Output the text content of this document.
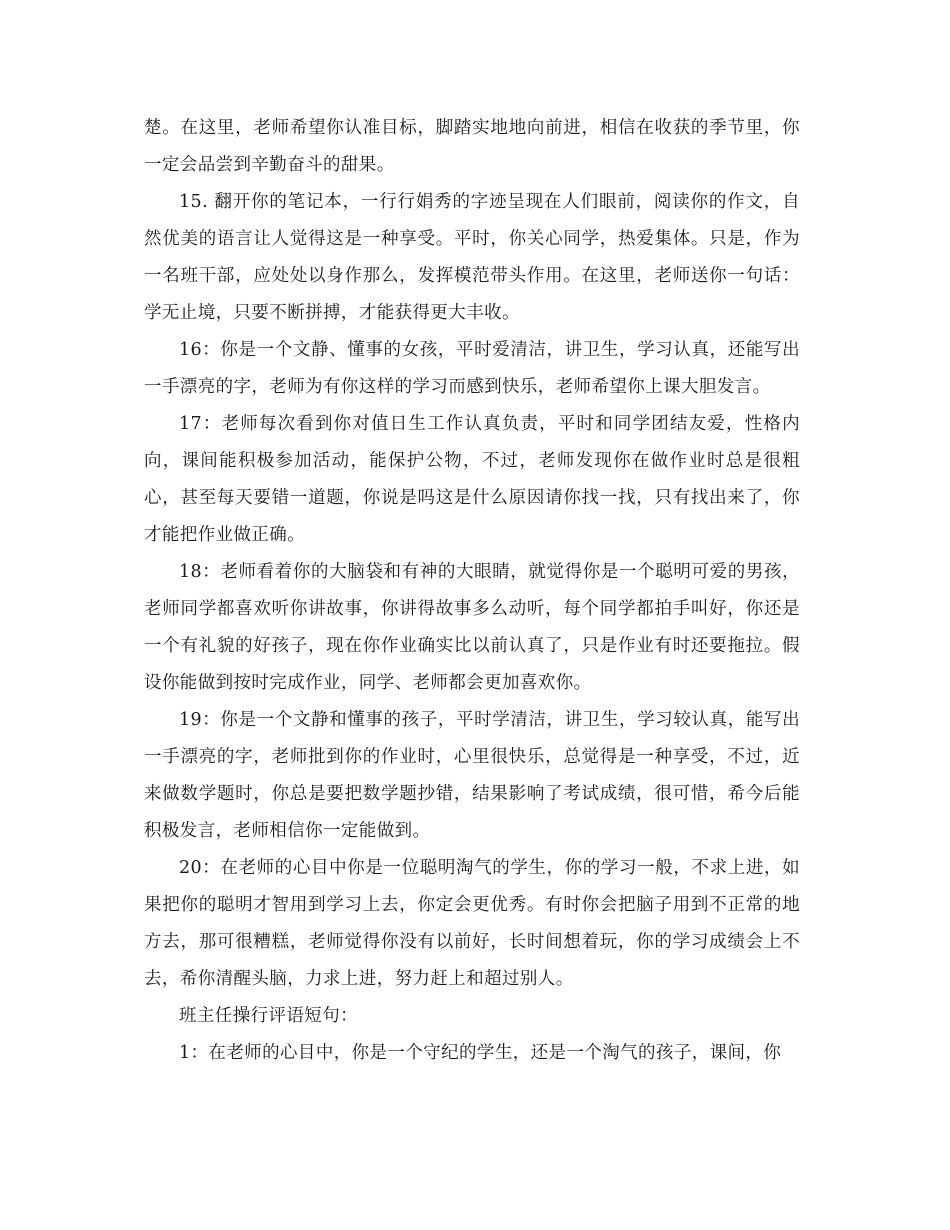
楚。在这里，老师希望你认准目标，脚踏实地地向前进，相信在收获的季节里，你一定会品尝到辛勤奋斗的甜果。

15. 翻开你的笔记本，一行行娟秀的字迹呈现在人们眼前，阅读你的作文，自然优美的语言让人觉得这是一种享受。平时，你关心同学，热爱集体。只是，作为一名班干部，应处处以身作那么，发挥模范带头作用。在这里，老师送你一句话：学无止境，只要不断拼搏，才能获得更大丰收。

16：你是一个文静、懂事的女孩，平时爱清洁，讲卫生，学习认真，还能写出一手漂亮的字，老师为有你这样的学习而感到快乐，老师希望你上课大胆发言。

17：老师每次看到你对值日生工作认真负责，平时和同学团结友爱，性格内向，课间能积极参加活动，能保护公物，不过，老师发现你在做作业时总是很粗心，甚至每天要错一道题，你说是吗这是什么原因请你找一找，只有找出来了，你才能把作业做正确。

18：老师看着你的大脑袋和有神的大眼睛，就觉得你是一个聪明可爱的男孩，老师同学都喜欢听你讲故事，你讲得故事多么动听，每个同学都拍手叫好，你还是一个有礼貌的好孩子，现在你作业确实比以前认真了，只是作业有时还要拖拉。假设你能做到按时完成作业，同学、老师都会更加喜欢你。

19：你是一个文静和懂事的孩子，平时学清洁，讲卫生，学习较认真，能写出一手漂亮的字，老师批到你的作业时，心里很快乐，总觉得是一种享受，不过，近来做数学题时，你总是要把数学题抄错，结果影响了考试成绩，很可惜，希今后能积极发言，老师相信你一定能做到。

20：在老师的心目中你是一位聪明淘气的学生，你的学习一般，不求上进，如果把你的聪明才智用到学习上去，你定会更优秀。有时你会把脑子用到不正常的地方去，那可很糟糕，老师觉得你没有以前好，长时间想着玩，你的学习成绩会上不去，希你清醒头脑，力求上进，努力赶上和超过别人。

班主任操行评语短句：

1：在老师的心目中，你是一个守纪的学生，还是一个淘气的孩子，课间，你
